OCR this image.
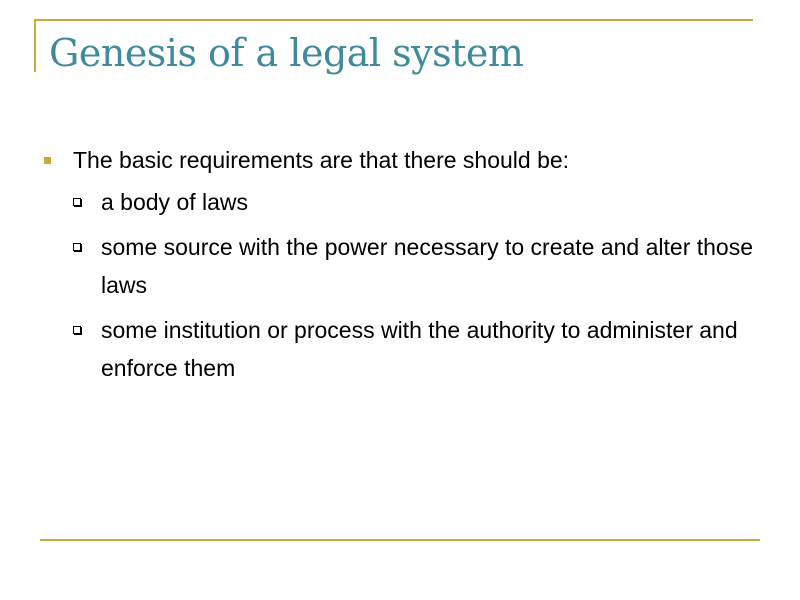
Genesis of a legal system
The basic requirements are that there should be:
a body of laws
some source with the power necessary to create and alter those laws
some institution or process with the authority to administer and enforce them
